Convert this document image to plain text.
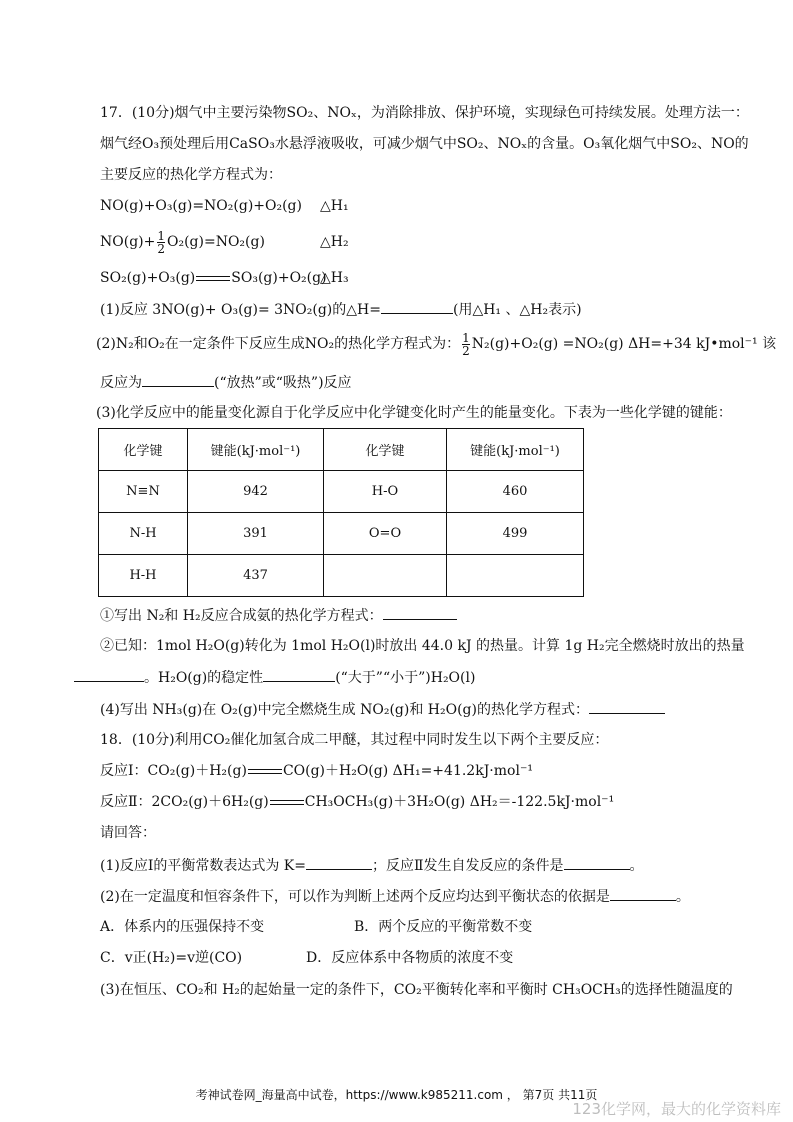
17．(10分)烟气中主要污染物SO₂、NOₓ，为消除排放、保护环境，实现绿色可持续发展。处理方法一：
烟气经O₃预处理后用CaSO₃水悬浮液吸收，可减少烟气中SO₂、NOₓ的含量。O₃氧化烟气中SO₂、NO的
主要反应的热化学方程式为：
NO(g)+O₃(g)=NO₂(g)+O₂(g) △H₁
$NO(g)+ \frac{1}{2} O_2(g)=NO_2(g)$	△H₂
SO₂(g)+O₃(g)	SO₃(g)+O₂(g)
△H₃
(1)反应 3NO(g)+ O₃(g)= 3NO₂(g)的△H=	(用△H₁ 、△H₂表示)
(2)N₂和O₂在一定条件下反应生成NO₂的热化学方程式为： $\frac{1}{2} N_2(g)+O_2(g) =NO_2(g)$ ΔH=+34 kJ•mol⁻¹ 该
反应为	(“放热”或“吸热”)反应
(3)化学反应中的能量变化源自于化学反应中化学键变化时产生的能量变化。下表为一些化学键的键能：
化学键	键能(kJ·mol⁻¹)	化学键	键能(kJ·mol⁻¹)
N≡N	942	H-O	460
N-H	391	O=O	499
H-H	437		
①写出 N₂和 H₂反应合成氨的热化学方程式：
②已知：1mol H₂O(g)转化为 1mol H₂O(l)时放出 44.0 kJ 的热量。计算 1g H₂完全燃烧时放出的热量
。H₂O(g)的稳定性	(“大于”“小于”)H₂O(l)
(4)写出 NH₃(g)在 O₂(g)中完全燃烧生成 NO₂(g)和 H₂O(g)的热化学方程式：
18．(10分)利用CO₂催化加氢合成二甲醚，其过程中同时发生以下两个主要反应：
反应Ⅰ：CO₂(g)＋H₂(g)	CO(g)＋H₂O(g) ΔH₁=+41.2kJ·mol⁻¹
反应Ⅱ：2CO₂(g)＋6H₂(g)	CH₃OCH₃(g)＋3H₂O(g) ΔH₂＝-122.5kJ·mol⁻¹
请回答：
(1)反应Ⅰ的平衡常数表达式为 K=	；反应Ⅱ发生自发反应的条件是	。
(2)在一定温度和恒容条件下，可以作为判断上述两个反应均达到平衡状态的依据是	。
A．体系内的压强保持不变	B．两个反应的平衡常数不变
C．v正(H₂)=v逆(CO)	D．反应体系中各物质的浓度不变
(3)在恒压、CO₂和 H₂的起始量一定的条件下，CO₂平衡转化率和平衡时 CH₃OCH₃的选择性随温度的
考神试卷网_海量高中试卷，https://www.k985211.com ， 第7页 共11页
123化学网，最大的化学资料库
